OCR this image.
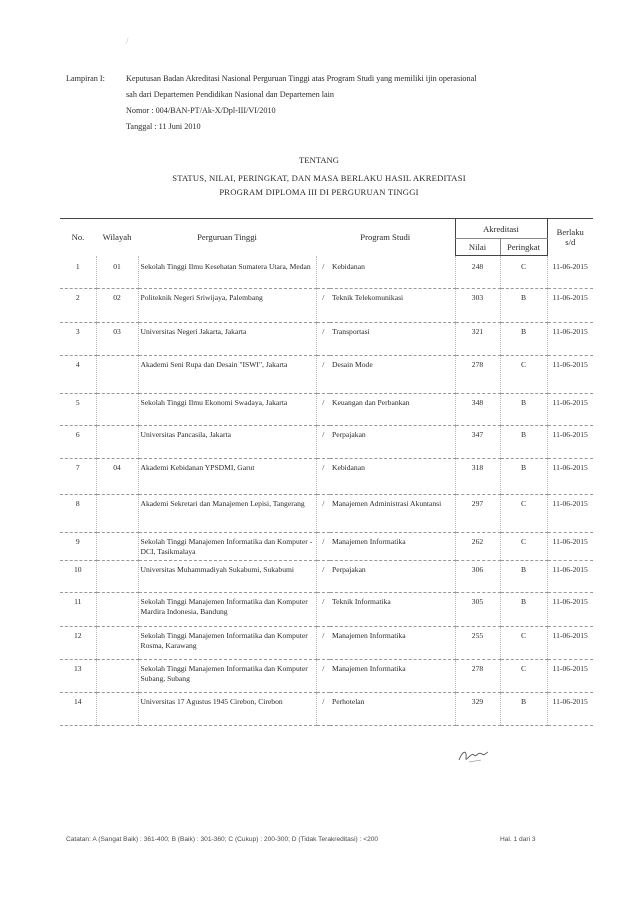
/
Lampiran I:	Keputusan Badan Akreditasi Nasional Perguruan Tinggi atas Program Studi yang memiliki ijin operasional
sah dari Departemen Pendidikan Nasional dan Departemen lain
Nomor : 004/BAN-PT/Ak-X/Dpl-III/VI/2010
Tanggal : 11 Juni 2010
TENTANG
STATUS, NILAI, PERINGKAT, DAN MASA BERLAKU HASIL AKREDITASI
PROGRAM DIPLOMA III DI PERGURUAN TINGGI
No.	Wilayah	Perguruan Tinggi	Program Studi		Akreditasi		Berlaku
s/d

					Nilai	Peringkat	
1	01	Sekolah Tinggi Ilmu Kesehatan Sumatera Utara, Medan	/	Kebidanan	248	C	11-06-2015
2	02	Politeknik Negeri Sriwijaya, Palembang	/	Teknik Telekomunikasi	303	B	11-06-2015
3	03	Universitas Negeri Jakarta, Jakarta	/	Transportasi	321	B	11-06-2015
4		Akademi Seni Rupa dan Desain "ISWI", Jakarta	/	Desain Mode	278	C	11-06-2015
5		Sekolah Tinggi Ilmu Ekonomi Swadaya, Jakarta	/	Keuangan dan Perbankan	348	B	11-06-2015
6		Universitas Pancasila, Jakarta	/	Perpajakan	347	B	11-06-2015
7	04	Akademi Kebidanan YPSDMI, Garut	/	Kebidanan	318	B	11-06-2015
8		Akademi Sekretari dan Manajemen Lepisi, Tangerang	/	Manajemen Administrasi Akuntansi	297	C	11-06-2015
9		Sekolah Tinggi Manajemen Informatika dan Komputer - DCI, Tasikmalaya	/	Manajemen Informatika	262	C	11-06-2015
10		Universitas Muhammadiyah Sukabumi, Sukabumi	/	Perpajakan	306	B	11-06-2015
11		Sekolah Tinggi Manajemen Informatika dan Komputer Mardira Indonesia, Bandung	/	Teknik Informatika	305	B	11-06-2015
12		Sekolah Tinggi Manajemen Informatika dan Komputer Rosma, Karawang	/	Manajemen Informatika	255	C	11-06-2015
13		Sekolah Tinggi Manajemen Informatika dan Komputer Subang, Subang	/	Manajemen Informatika	278	C	11-06-2015
14		Universitas 17 Agustus 1945 Cirebon, Cirebon	/	Perhotelan	329	B	11-06-2015
Catatan: A (Sangat Baik) : 361-400; B (Baik) : 301-360; C (Cukup) : 200-300; D (Tidak Terakreditasi) : <200	Hal. 1 dari 3
